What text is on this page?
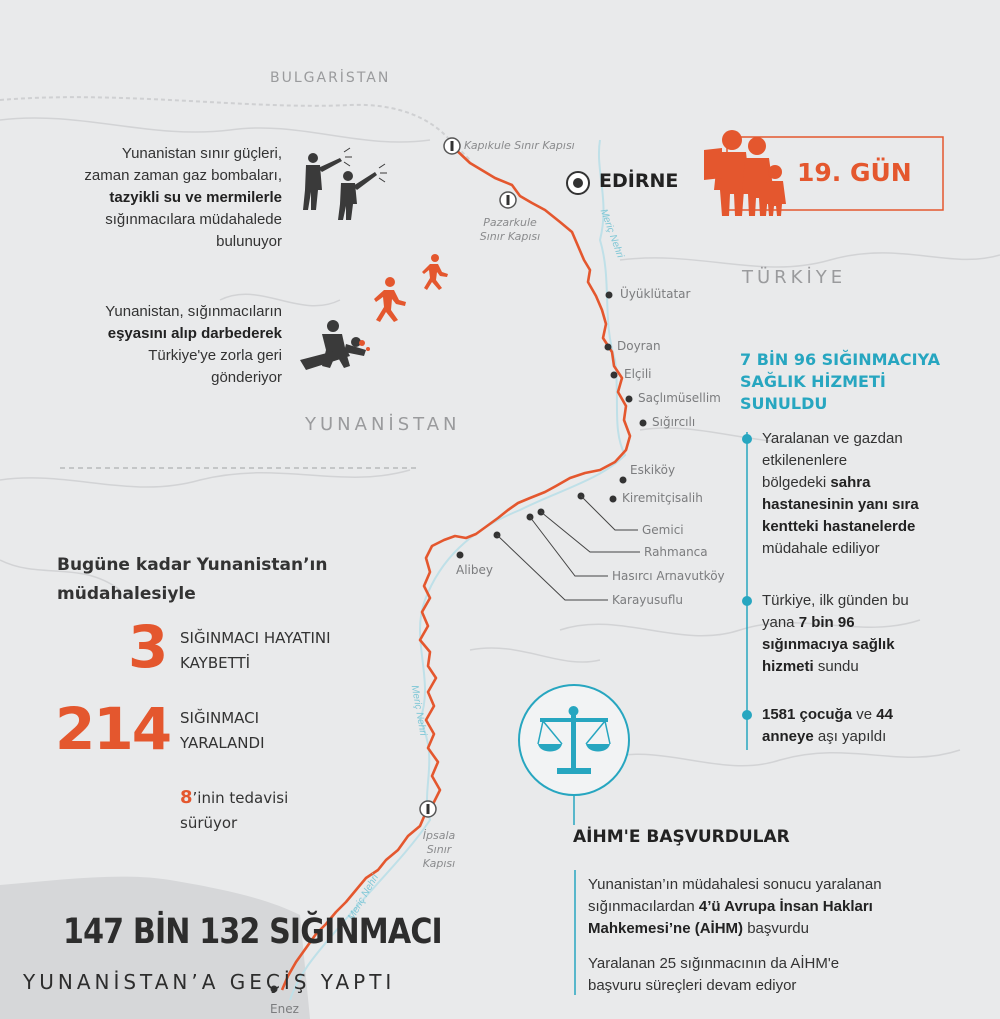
BULGARİSTAN
TÜRKİYE
YUNANİSTAN
EDİRNE	19. GÜN
Kapıkule Sınır Kapısı
Pazarkule
Sınır Kapısı
İpsala
Sınır
Kapısı
Meriç Nehri
Meriç Nehri
Meriç Nehri
Üyüklütatar
Doyran
Elçili
Saçlımüsellim
Sığırcılı
Eskiköy
Kiremitçisalih
Gemici
Rahmanca
Hasırcı Arnavutköy
Karayusuflu
Alibey
Enez
Yunanistan sınır güçleri,
zaman zaman gaz bombaları,
tazyikli su ve mermilerle
sığınmacılara müdahalede
bulunuyor
Yunanistan, sığınmacıların
eşyasını alıp darbederek
Türkiye'ye zorla geri
gönderiyor
Bugüne kadar Yunanistan’ın
müdahalesiyle
3 SIĞINMACI HAYATINI
KAYBETTİ
214 SIĞINMACI
YARALANDI
8’inin tedavisi
sürüyor
147 BİN 132 SIĞINMACI
YUNANİSTAN’A GEÇİŞ YAPTI
7 BİN 96 SIĞINMACIYA
SAĞLIK HİZMETİ
SUNULDU
Yaralanan ve gazdan
etkilenenlere
bölgedeki sahra
hastanesinin yanı sıra
kentteki hastanelerde
müdahale ediliyor
Türkiye, ilk günden bu
yana 7 bin 96
sığınmacıya sağlık
hizmeti sundu
1581 çocuğa ve 44
anneye aşı yapıldı
AİHM'E BAŞVURDULAR
Yunanistan’ın müdahalesi sonucu yaralanan
sığınmacılardan 4’ü Avrupa İnsan Hakları
Mahkemesi’ne (AİHM) başvurdu
Yaralanan 25 sığınmacının da AİHM'e
başvuru süreçleri devam ediyor
